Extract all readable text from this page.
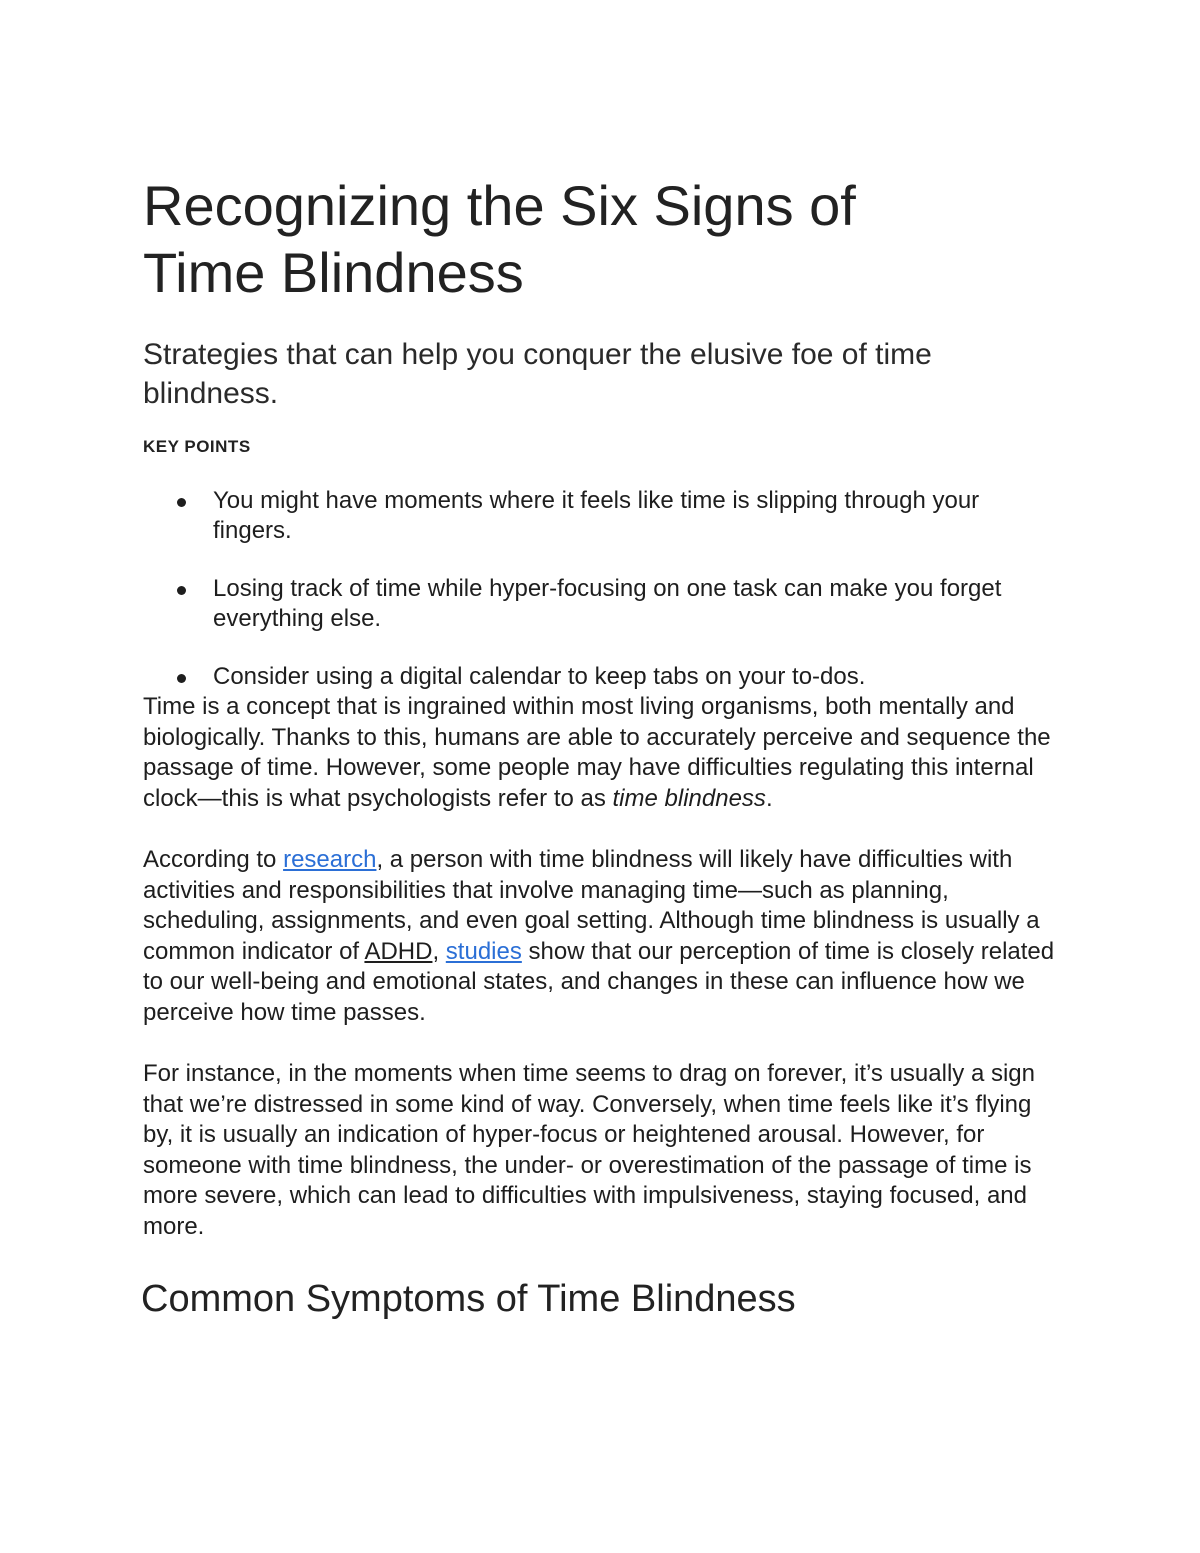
Recognizing the Six Signs of
Time Blindness

Strategies that can help you conquer the elusive foe of time blindness.

KEY POINTS
You might have moments where it feels like time is slipping through your fingers.
Losing track of time while hyper-focusing on one task can make you forget everything else.
Consider using a digital calendar to keep tabs on your to-dos.

Time is a concept that is ingrained within most living organisms, both mentally and biologically. Thanks to this, humans are able to accurately perceive and sequence the passage of time. However, some people may have difficulties regulating this internal clock—this is what psychologists refer to as time blindness.

According to research, a person with time blindness will likely have difficulties with activities and responsibilities that involve managing time—such as planning, scheduling, assignments, and even goal setting. Although time blindness is usually a common indicator of ADHD, studies show that our perception of time is closely related to our well-being and emotional states, and changes in these can influence how we perceive how time passes.

For instance, in the moments when time seems to drag on forever, it’s usually a sign that we’re distressed in some kind of way. Conversely, when time feels like it’s flying by, it is usually an indication of hyper-focus or heightened arousal. However, for someone with time blindness, the under- or overestimation of the passage of time is more severe, which can lead to difficulties with impulsiveness, staying focused, and more.

Common Symptoms of Time Blindness
